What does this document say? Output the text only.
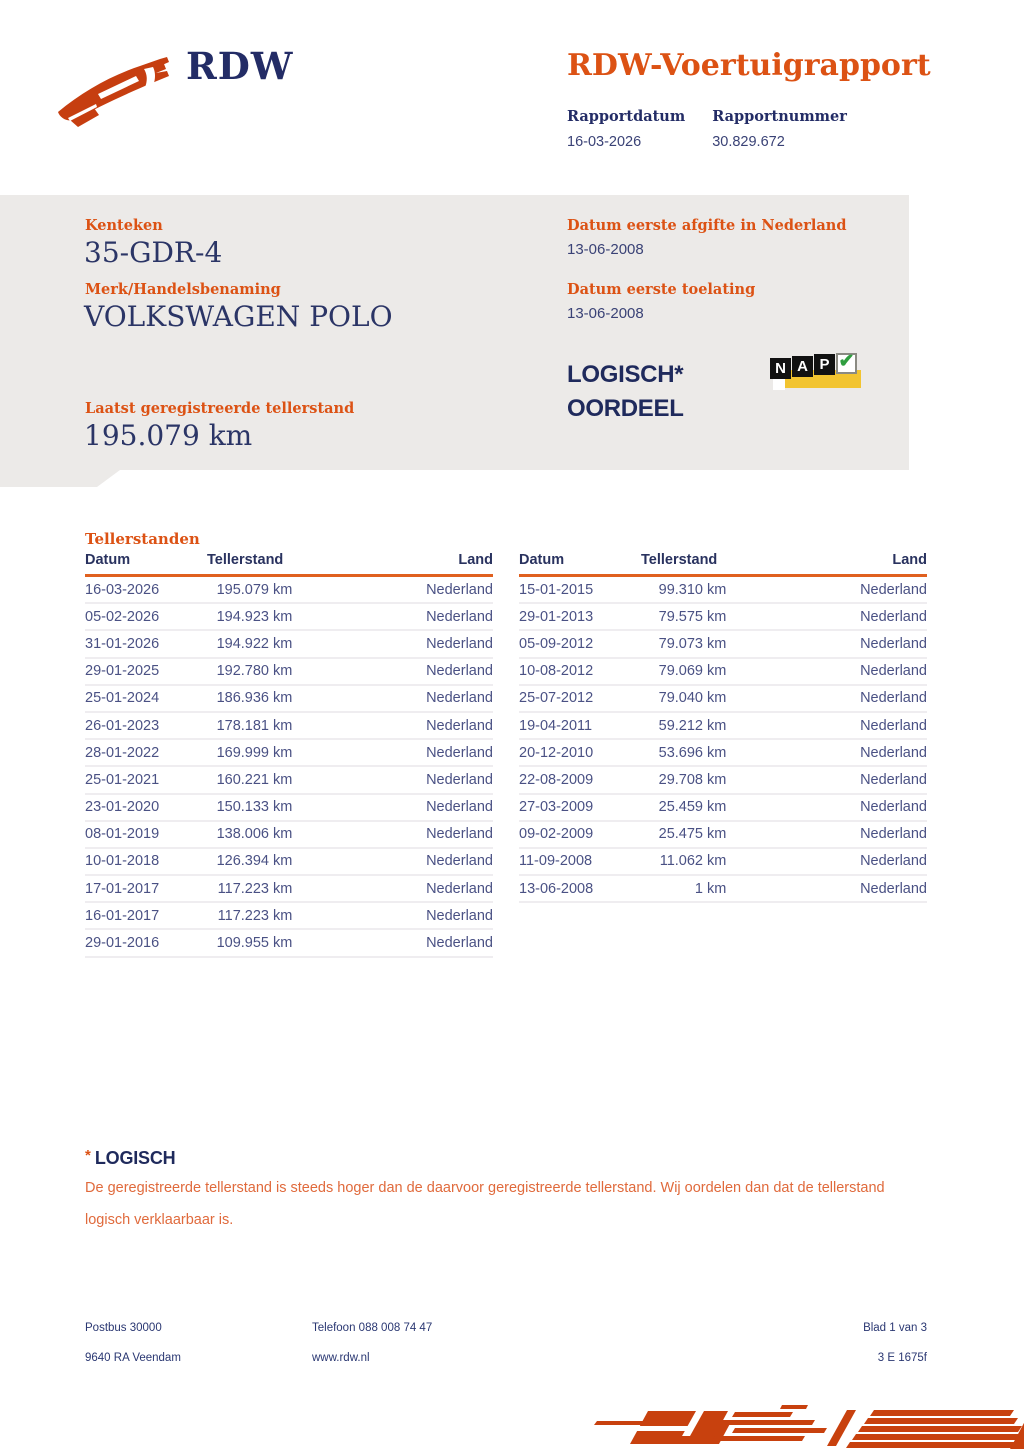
RDW	RDW-Voertuigrapport
Rapportdatum
16-03-2026
Rapportnummer
30.829.672
Kenteken
35-GDR-4
Merk/Handelsbenaming
VOLKSWAGEN POLO
Datum eerste afgifte in Nederland
13-06-2008
Datum eerste toelating
13-06-2008
LOGISCH*
OORDEEL
N A P ✔
Laatst geregistreerde tellerstand
195.079 km
Tellerstanden
Datum	Tellerstand	Land
16-03-2026	195.079 km	Nederland
05-02-2026	194.923 km	Nederland
31-01-2026	194.922 km	Nederland
29-01-2025	192.780 km	Nederland
25-01-2024	186.936 km	Nederland
26-01-2023	178.181 km	Nederland
28-01-2022	169.999 km	Nederland
25-01-2021	160.221 km	Nederland
23-01-2020	150.133 km	Nederland
08-01-2019	138.006 km	Nederland
10-01-2018	126.394 km	Nederland
17-01-2017	117.223 km	Nederland
16-01-2017	117.223 km	Nederland
29-01-2016	109.955 km	Nederland
Datum	Tellerstand	Land
15-01-2015	99.310 km	Nederland
29-01-2013	79.575 km	Nederland
05-09-2012	79.073 km	Nederland
10-08-2012	79.069 km	Nederland
25-07-2012	79.040 km	Nederland
19-04-2011	59.212 km	Nederland
20-12-2010	53.696 km	Nederland
22-08-2009	29.708 km	Nederland
27-03-2009	25.459 km	Nederland
09-02-2009	25.475 km	Nederland
11-09-2008	11.062 km	Nederland
13-06-2008	1 km	Nederland
* LOGISCH
De geregistreerde tellerstand is steeds hoger dan de daarvoor geregistreerde tellerstand. Wij oordelen dan dat de tellerstand logisch verklaarbaar is.
Postbus 30000	Telefoon 088 008 74 47	Blad 1 van 3
9640 RA Veendam	www.rdw.nl	3 E 1675f
